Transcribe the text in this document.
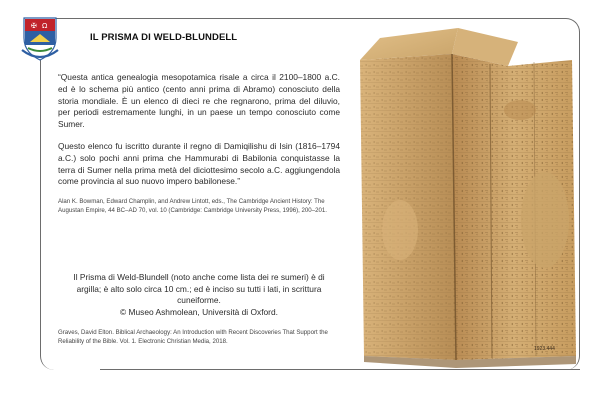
✠ Ω
IL PRISMA DI WELD-BLUNDELL

“Questa antica genealogia mesopotamica risale a circa il 2100–1800 a.C. ed è lo schema più antico (cento anni prima di Abramo) conosciuto della storia mondiale. È un elenco di dieci re che regnarono, prima del diluvio, per periodi estremamente lunghi, in un paese un tempo conosciuto come Sumer.

Questo elenco fu iscritto durante il regno di Damiqilishu di Isin (1816–1794 a.C.) solo pochi anni prima che Hammurabi di Babilonia conquistasse la terra di Sumer nella prima metà del diciottesimo secolo a.C. aggiungendola come provincia al suo nuovo impero babilonese.”

Alan K. Bowman, Edward Champlin, and Andrew Lintott, eds., The Cambridge Ancient History: The Augustan Empire, 44 BC–AD 70, vol. 10 (Cambridge: Cambridge University Press, 1996), 200–201.

Il Prisma di Weld-Blundell (noto anche come lista dei re sumeri) è di
argilla; è alto solo circa 10 cm.; ed è inciso su tutti i lati, in scrittura
cuneiforme.
© Museo Ashmolean, Università di Oxford.
Graves, David Elton. Biblical Archaeology: An Introduction with Recent Discoveries That Support the Reliability of the Bible. Vol. 1. Electronic Christian Media, 2018.
1923.444
